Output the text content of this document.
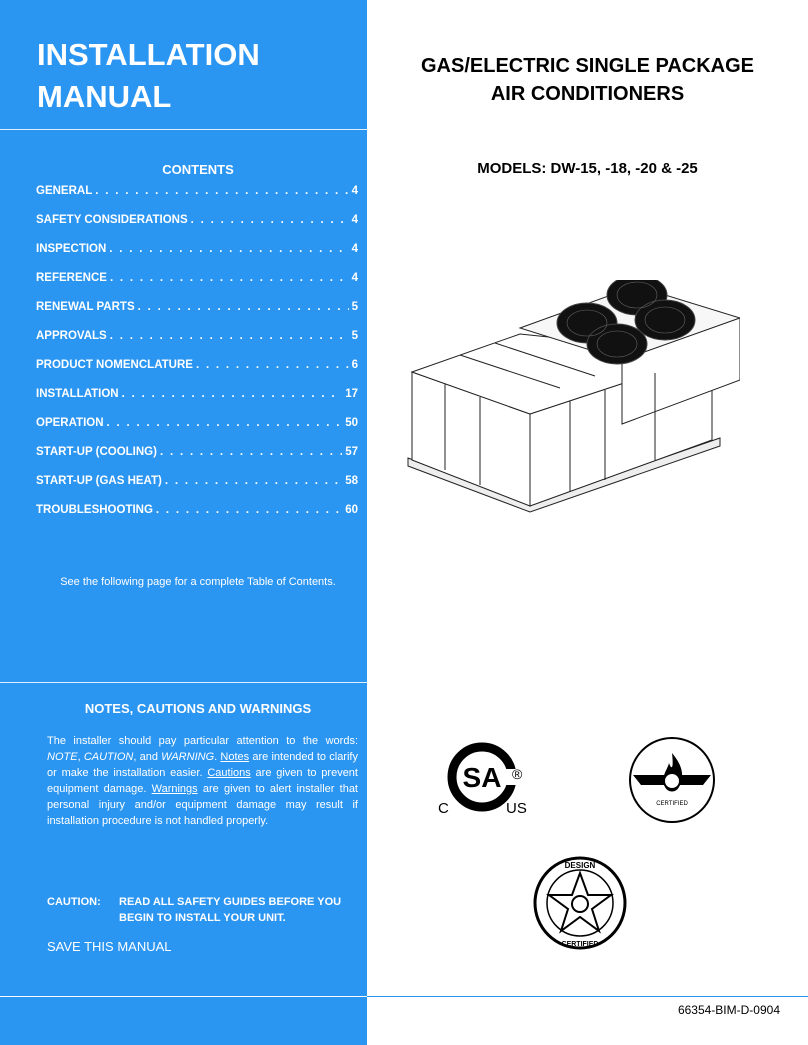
INSTALLATION
MANUAL
CONTENTS
GENERAL . . .	4
SAFETY CONSIDERATIONS . . .	4
INSPECTION . . .	4
REFERENCE . . .	4
RENEWAL PARTS . . .	5
APPROVALS . . .	5
PRODUCT NOMENCLATURE . . .	6
INSTALLATION . . .	17
OPERATION . . .	50
START-UP (COOLING) . . .	57
START-UP (GAS HEAT) . . .	58
TROUBLESHOOTING . . .	60

See the following page for a complete Table of Contents.

NOTES, CAUTIONS AND WARNINGS

The installer should pay particular attention to the words: NOTE, CAUTION, and WARNING. Notes are intended to clarify or make the installation easier. Cautions are given to prevent equipment damage. Warnings are given to alert installer that personal injury and/or equipment damage may result if installation procedure is not handled properly.

CAUTION:	READ ALL SAFETY GUIDES BEFORE YOU BEGIN TO INSTALL YOUR UNIT.

SAVE THIS MANUAL

GAS/ELECTRIC SINGLE PACKAGE
AIR CONDITIONERS

MODELS: DW-15, -18, -20 & -25

SA ®
C	US	CERTIFIED
DESIGN
CERTIFIED

66354-BIM-D-0904
